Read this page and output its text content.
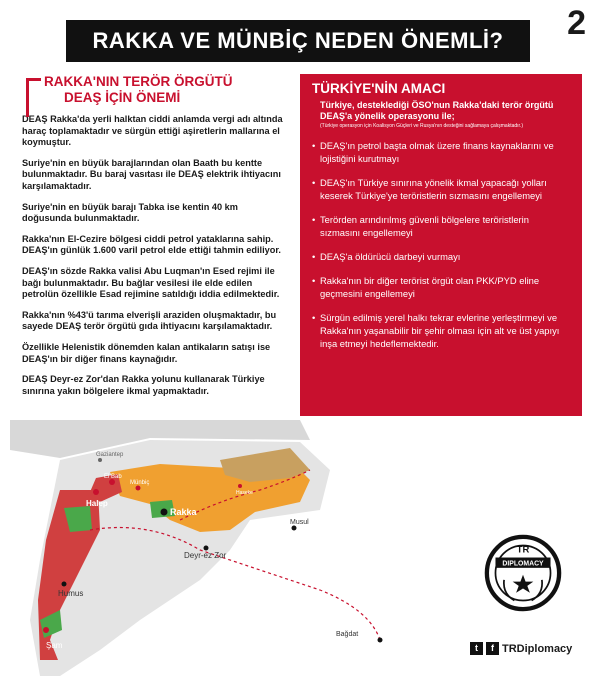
2
RAKKA VE MÜNBİÇ NEDEN ÖNEMLİ?
RAKKA'NIN TERÖR ÖRGÜTÜ
DEAŞ İÇİN ÖNEMİ
DEAŞ Rakka'da yerli halktan ciddi anlamda vergi adı altında haraç toplamaktadır ve sürgün ettiği aşiretlerin mallarına el koymuştur.
Suriye'nin en büyük barajlarından olan Baath bu kentte bulunmaktadır. Bu baraj vasıtası ile DEAŞ elektrik ihtiyacını karşılamaktadır.
Suriye'nin en büyük barajı Tabka ise kentin 40 km doğusunda bulunmaktadır.
Rakka'nın El-Cezire bölgesi ciddi petrol yataklarına sahip. DEAŞ'ın günlük 1.600 varil petrol elde ettiği tahmin ediliyor.
DEAŞ'ın sözde Rakka valisi Abu Luqman'ın Esed rejimi ile bağı bulunmaktadır. Bu bağlar vesilesi ile elde edilen petrolün özellikle Esad rejimine satıldığı iddia edilmektedir.
Rakka'nın %43'ü tarıma elverişli araziden oluşmaktadır, bu sayede DEAŞ terör örgütü gıda ihtiyacını karşılamaktadır.
Özellikle Helenistik dönemden kalan antikaların satışı ise DEAŞ'ın bir diğer finans kaynağıdır.
DEAŞ Deyr-ez Zor'dan Rakka yolunu kullanarak Türkiye sınırına yakın bölgelere ikmal yapmaktadır.
TÜRKİYE'NİN AMACI
Türkiye, desteklediği ÖSO'nun Rakka'daki terör örgütü DEAŞ'a yönelik operasyonu ile;
(Türkiye operasyon için Koalisyon Güçleri ve Rusya'nın desteğini sağlamaya çalışmaktadır.)
• DEAŞ'ın petrol başta olmak üzere finans kaynaklarını ve lojistiğini kurutmayı
• DEAŞ'ın Türkiye sınırına yönelik ikmal yapacağı yolları keserek Türkiye'ye teröristlerin sızmasını engellemeyi
• Terörden arındırılmış güvenli bölgelere teröristlerin sızmasını engellemeyi
• DEAŞ'a öldürücü darbeyi vurmayı
• Rakka'nın bir diğer terörist örgüt olan PKK/PYD eline geçmesini engellemeyi
• Sürgün edilmiş yerel halkı tekrar evlerine yerleştirmeyi ve Rakka'nın yaşanabilir bir şehir olması için alt ve üst yapıyı inşa etmeyi hedeflemektedir.
Gaziantep
El Bab
Halep
Münbiç
Rakka
Haseke
Musul
Deyr-ez Zor
Humus
Şam
Bağdat
TR
DIPLOMACY
t	f TRDiplomacy
